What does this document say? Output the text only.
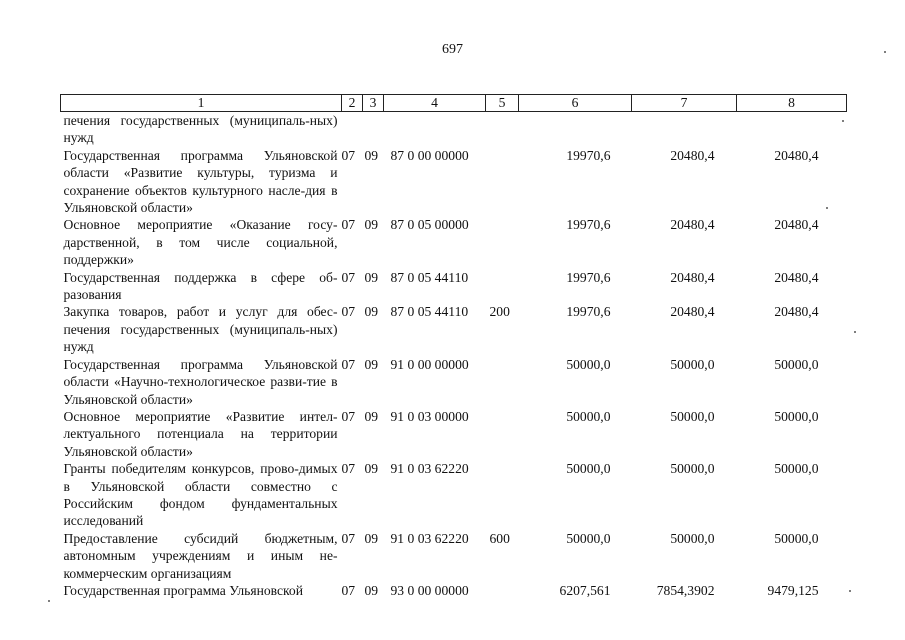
697
1	2	3	4	5	6	7	8
печения государственных (муниципаль-ных) нужд							
Государственная программа Ульяновской области «Развитие культуры, туризма и сохранение объектов культурного насле-дия в Ульяновской области»	07	09	87 0 00 00000		19970,6	20480,4	20480,4
Основное мероприятие «Оказание госу-дарственной, в том числе социальной, поддержки»	07	09	87 0 05 00000		19970,6	20480,4	20480,4
Государственная поддержка в сфере об-разования	07	09	87 0 05 44110		19970,6	20480,4	20480,4
Закупка товаров, работ и услуг для обес-печения государственных (муниципаль-ных) нужд	07	09	87 0 05 44110	200	19970,6	20480,4	20480,4
Государственная программа Ульяновской области «Научно-технологическое разви-тие в Ульяновской области»	07	09	91 0 00 00000		50000,0	50000,0	50000,0
Основное мероприятие «Развитие интел-лектуального потенциала на территории Ульяновской области»	07	09	91 0 03 00000		50000,0	50000,0	50000,0
Гранты победителям конкурсов, прово-димых в Ульяновской области совместно с Российским фондом фундаментальных исследований	07	09	91 0 03 62220		50000,0	50000,0	50000,0
Предоставление субсидий бюджетным, автономным учреждениям и иным не-коммерческим организациям	07	09	91 0 03 62220	600	50000,0	50000,0	50000,0
Государственная программа Ульяновской	07	09	93 0 00 00000		6207,561	7854,3902	9479,125
